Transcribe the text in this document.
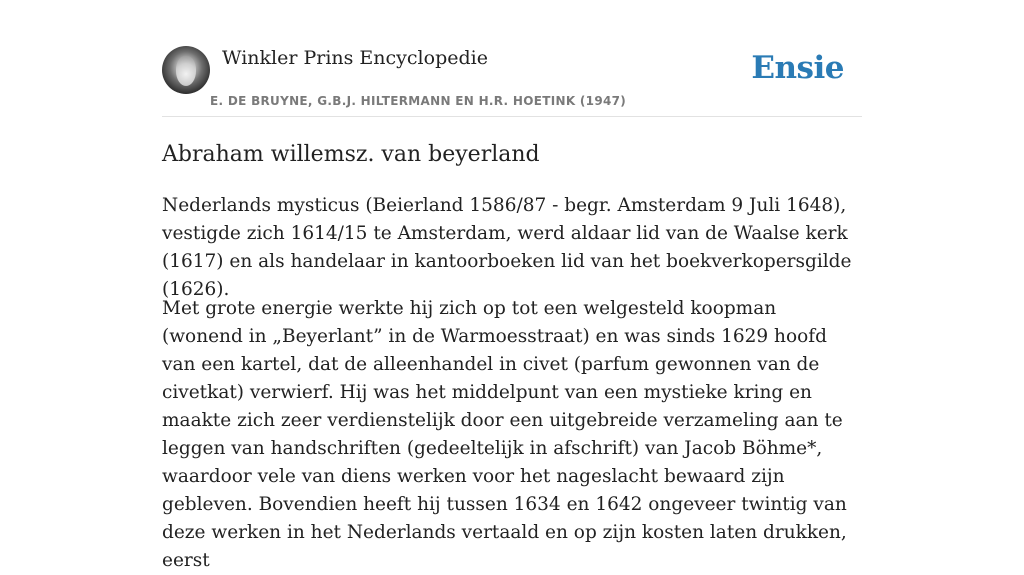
Winkler Prins Encyclopedie
E. DE BRUYNE, G.B.J. HILTERMANN EN H.R. HOETINK (1947)
Ensie
Abraham willemsz. van beyerland

Nederlands mysticus (Beierland 1586/87 - begr. Amsterdam 9 Juli 1648), vestigde zich 1614/15 te Amsterdam, werd aldaar lid van de Waalse kerk (1617) en als handelaar in kantoorboeken lid van het boekverkopersgilde (1626).

Met grote energie werkte hij zich op tot een welgesteld koopman (wonend in „Beyerlant” in de Warmoesstraat) en was sinds 1629 hoofd van een kartel, dat de alleenhandel in civet (parfum gewonnen van de civetkat) verwierf. Hij was het middelpunt van een mystieke kring en maakte zich zeer verdienstelijk door een uitgebreide verzameling aan te leggen van handschriften (gedeeltelijk in afschrift) van Jacob Böhme*, waardoor vele van diens werken voor het nageslacht bewaard zijn gebleven. Bovendien heeft hij tussen 1634 en 1642 ongeveer twintig van deze werken in het Nederlands vertaald en op zijn kosten laten drukken, eerst
